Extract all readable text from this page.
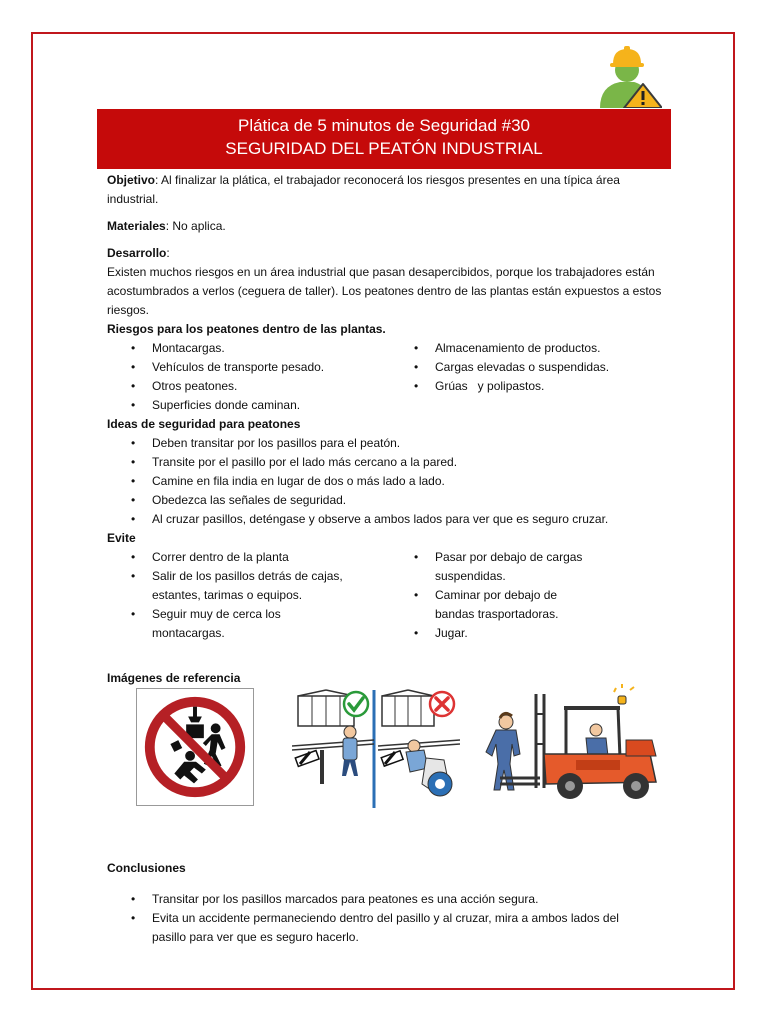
Plática de 5 minutos de Seguridad #30
SEGURIDAD DEL PEATÓN INDUSTRIAL

Objetivo: Al finalizar la plática, el trabajador reconocerá los riesgos presentes en una típica área industrial.

Materiales: No aplica.

Desarrollo:

Existen muchos riesgos en un área industrial que pasan desapercibidos, porque los trabajadores están acostumbrados a verlos (ceguera de taller). Los peatones dentro de las plantas están expuestos a estos riesgos.

Riesgos para los peatones dentro de las plantas.

• Montacargas.
• Vehículos de transporte pesado.
• Otros peatones.
• Superficies donde caminan.
• Almacenamiento de productos.
• Cargas elevadas o suspendidas.
• Grúas   y polipastos.

Ideas de seguridad para peatones

• Deben transitar por los pasillos para el peatón.
• Transite por el pasillo por el lado más cercano a la pared.
• Camine en fila india en lugar de dos o más lado a lado.
• Obedezca las señales de seguridad.
• Al cruzar pasillos, deténgase y observe a ambos lados para ver que es seguro cruzar.

Evite

• Correr dentro de la planta
• Salir de los pasillos detrás de cajas, estantes, tarimas o equipos.
• Seguir muy de cerca los montacargas.
• Pasar por debajo de cargas suspendidas.
• Caminar por debajo de bandas trasportadoras.
• Jugar.
Imágenes de referencia

Conclusiones

• Transitar por los pasillos marcados para peatones es una acción segura.
• Evita un accidente permaneciendo dentro del pasillo y al cruzar, mira a ambos lados del pasillo para ver que es seguro hacerlo.
